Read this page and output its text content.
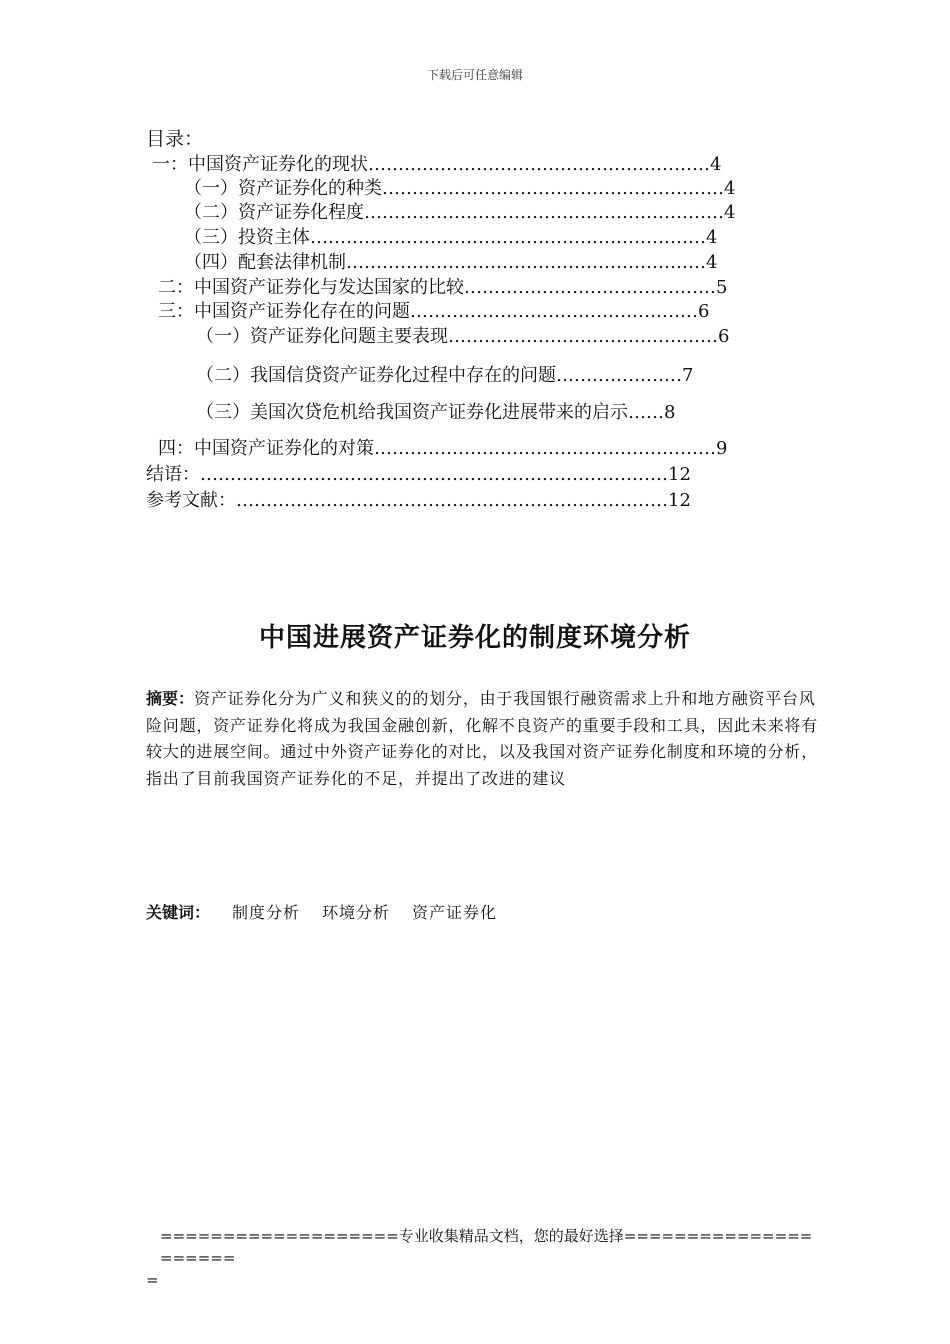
下载后可任意编辑
目录：
一：中国资产证券化的现状…………………………………………………4
（一）资产证券化的种类…………………………………………………4
（二）资产证券化程度……………………………………………………4
（三）投资主体…………………………………………………………4
（四）配套法律机制……………………………………………………4
二：中国资产证券化与发达国家的比较……………………………………5
三：中国资产证券化存在的问题…………………………………………6
（一）资产证券化问题主要表现………………………………………6
（二）我国信贷资产证券化过程中存在的问题…………………7
（三）美国次贷危机给我国资产证券化进展带来的启示……8
四：中国资产证券化的对策…………………………………………………9
结语：……………………………………………………………………12
参考文献：………………………………………………………………12
中国进展资产证券化的制度环境分析
摘要：资产证券化分为广义和狭义的的划分，由于我国银行融资需求上升和地方融资平台风险问题，资产证券化将成为我国金融创新，化解不良资产的重要手段和工具，因此未来将有较大的进展空间。通过中外资产证券化的对比，以及我国对资产证券化制度和环境的分析，指出了目前我国资产证券化的不足，并提出了改进的建议
关键词： 制度分析 环境分析 资产证券化
===================专业收集精品文档，您的最好选择=====================
=
